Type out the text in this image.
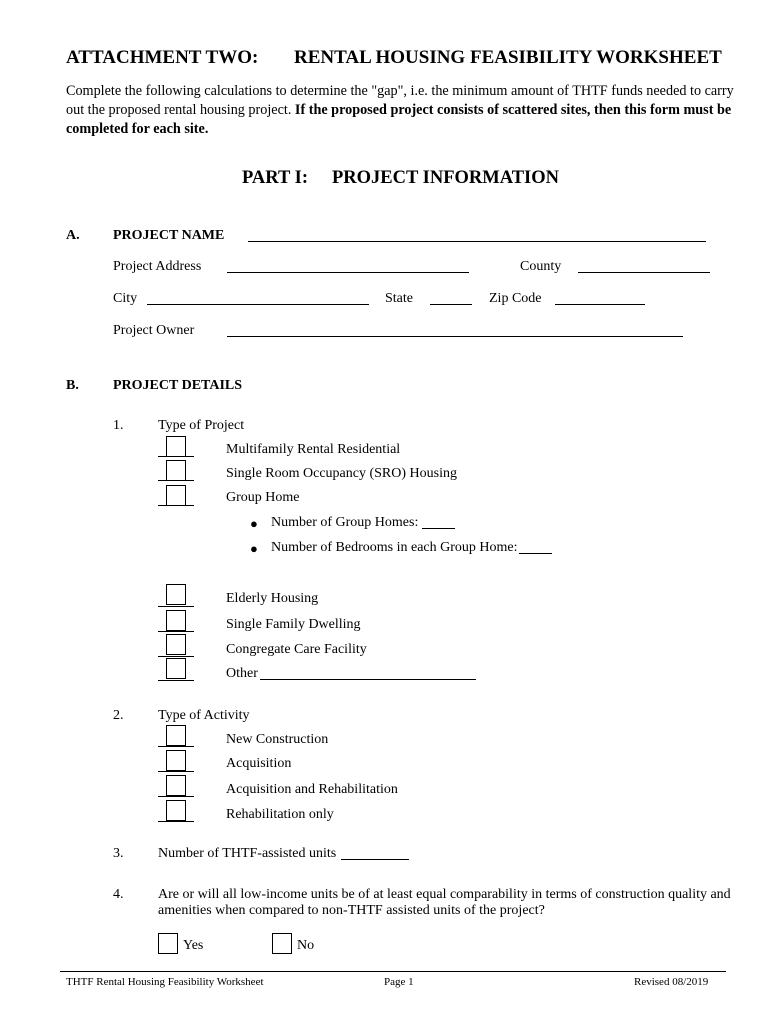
ATTACHMENT TWO: RENTAL HOUSING FEASIBILITY WORKSHEET
Complete the following calculations to determine the "gap", i.e. the minimum amount of THTF funds needed to carry out the proposed rental housing project. If the proposed project consists of scattered sites, then this form must be completed for each site.
PART I: PROJECT INFORMATION
A. PROJECT NAME
Project Address	County
City	State	Zip Code
Project Owner
B. PROJECT DETAILS
1. Type of Project
Multifamily Rental Residential
Single Room Occupancy (SRO) Housing
Group Home
● Number of Group Homes:
● Number of Bedrooms in each Group Home:
Elderly Housing
Single Family Dwelling
Congregate Care Facility
Other
2. Type of Activity
New Construction
Acquisition
Acquisition and Rehabilitation
Rehabilitation only
3. Number of THTF-assisted units
4. Are or will all low-income units be of at least equal comparability in terms of construction quality and
amenities when compared to non-THTF assisted units of the project?
Yes	No
THTF Rental Housing Feasibility Worksheet	Page 1	Revised 08/2019
